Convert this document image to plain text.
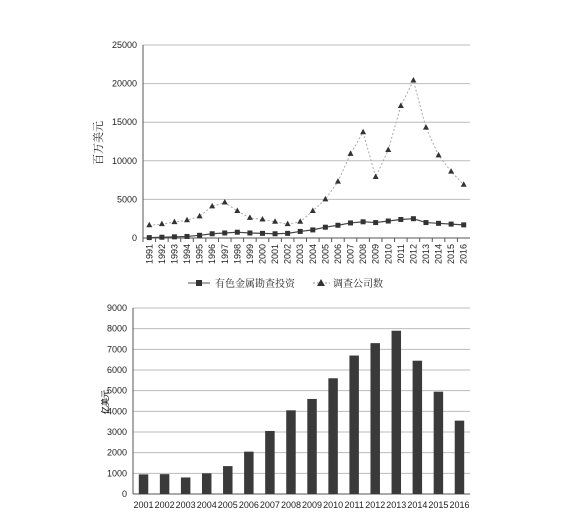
0
5000
10000
15000
20000
25000
1991 1992 1993 1994 1995 1996 1997 1998 1999 2000 2001 2002 2003 2004 2005 2006 2007 2008 2009 2010 2011 2012 2013 2014 2015 2016
百万美元
有色金属勘查投资	调查公司数
0
1000
2000
3000
4000
5000
6000
7000
8000
9000
2001 2002 2003 2004 2005 2006 2007 2008 2009 2010 2011 2012 2013 2014 2015 2016
亿美元
